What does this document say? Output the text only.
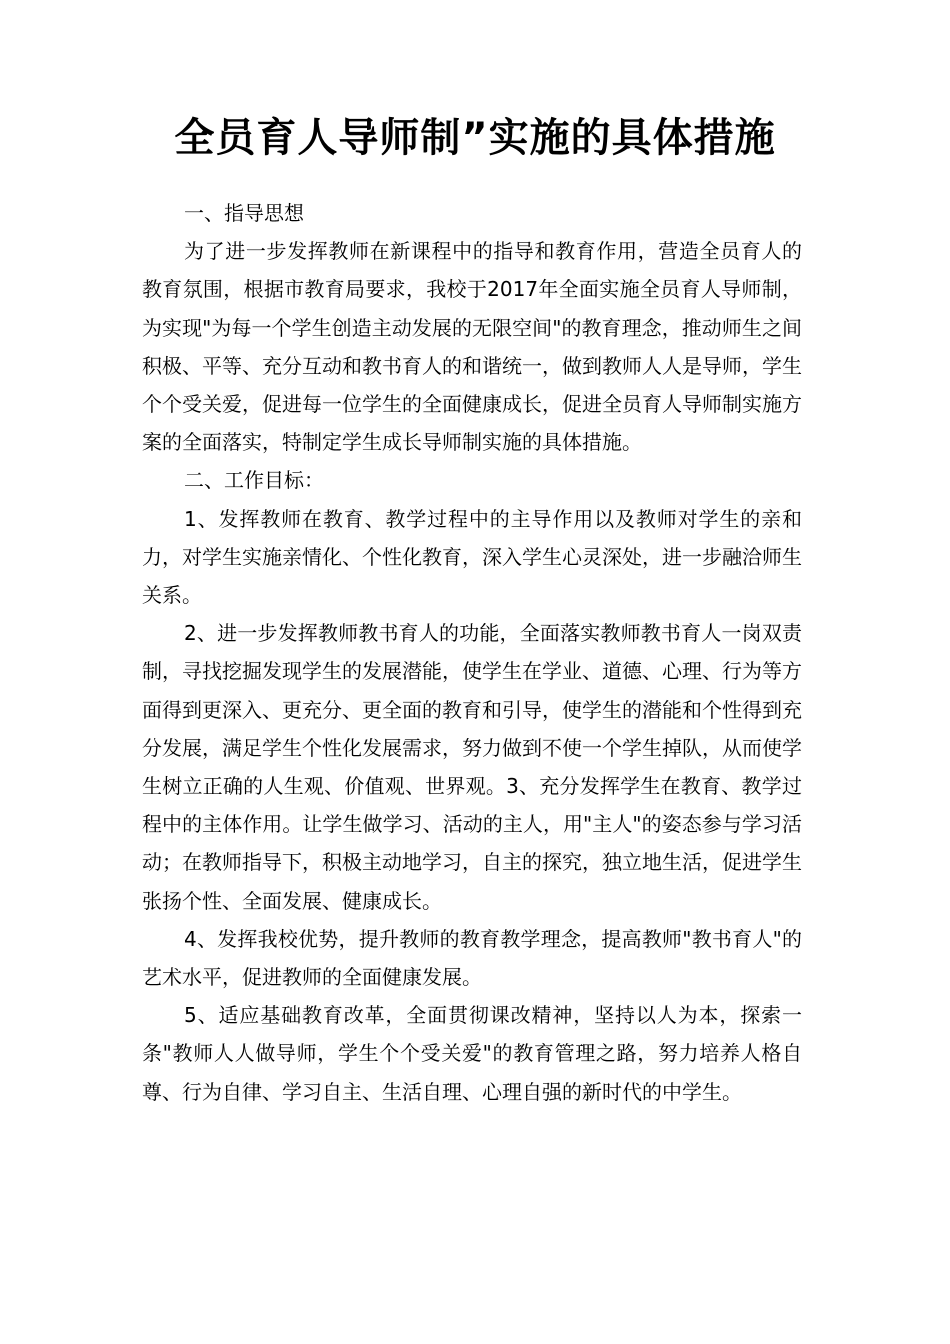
全员育人导师制”实施的具体措施

一、指导思想

为了进一步发挥教师在新课程中的指导和教育作用，营造全员育人的教育氛围，根据市教育局要求，我校于2017年全面实施全员育人导师制，为实现"为每一个学生创造主动发展的无限空间"的教育理念，推动师生之间积极、平等、充分互动和教书育人的和谐统一，做到教师人人是导师，学生个个受关爱，促进每一位学生的全面健康成长，促进全员育人导师制实施方案的全面落实，特制定学生成长导师制实施的具体措施。

二、工作目标：

1、发挥教师在教育、教学过程中的主导作用以及教师对学生的亲和力，对学生实施亲情化、个性化教育，深入学生心灵深处，进一步融洽师生关系。

2、进一步发挥教师教书育人的功能，全面落实教师教书育人一岗双责制，寻找挖掘发现学生的发展潜能，使学生在学业、道德、心理、行为等方面得到更深入、更充分、更全面的教育和引导，使学生的潜能和个性得到充分发展，满足学生个性化发展需求，努力做到不使一个学生掉队，从而使学生树立正确的人生观、价值观、世界观。3、充分发挥学生在教育、教学过程中的主体作用。让学生做学习、活动的主人，用"主人"的姿态参与学习活动；在教师指导下，积极主动地学习，自主的探究，独立地生活，促进学生张扬个性、全面发展、健康成长。

4、发挥我校优势，提升教师的教育教学理念，提高教师"教书育人"的艺术水平，促进教师的全面健康发展。

5、适应基础教育改革，全面贯彻课改精神，坚持以人为本，探索一条"教师人人做导师，学生个个受关爱"的教育管理之路，努力培养人格自尊、行为自律、学习自主、生活自理、心理自强的新时代的中学生。
